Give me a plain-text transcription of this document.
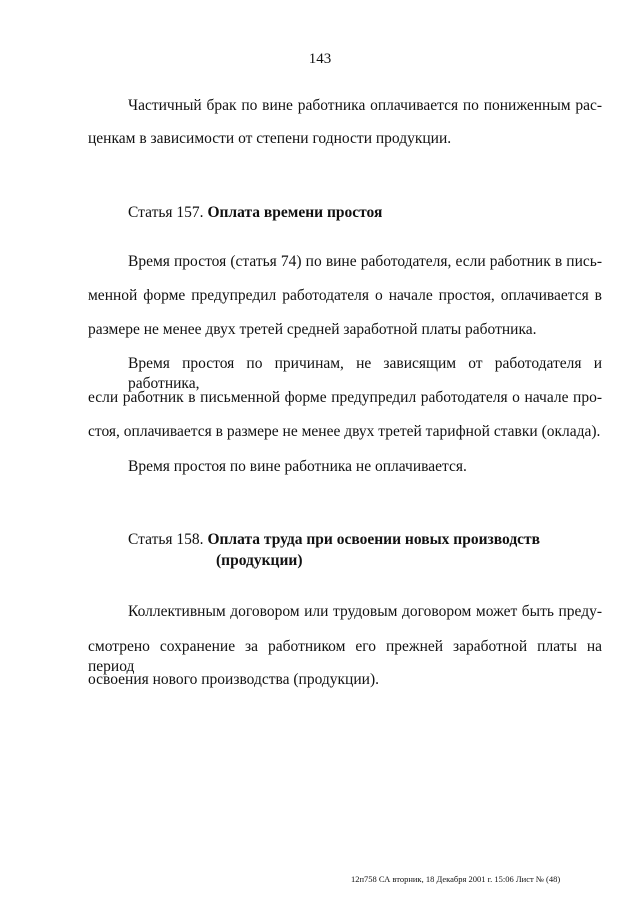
143

Частичный брак по вине работника оплачивается по пониженным рас-

ценкам в зависимости от степени годности продукции.

Статья 157. Оплата времени простоя

Время простоя (статья 74) по вине работодателя, если работник в пись-

менной форме предупредил работодателя о начале простоя, оплачивается в

размере не менее двух третей средней заработной платы работника.

Время простоя по причинам, не зависящим от работодателя и работника,

если работник в письменной форме предупредил работодателя о начале про-

стоя, оплачивается в размере не менее двух третей тарифной ставки (оклада).

Время простоя по вине работника не оплачивается.

Статья 158. Оплата труда при освоении новых производств
(продукции)

Коллективным договором или трудовым договором может быть преду-

смотрено сохранение за работником его прежней заработной платы на период

освоения нового производства (продукции).

12п758 СА вторник, 18 Декабря 2001 г. 15:06 Лист № (48)
